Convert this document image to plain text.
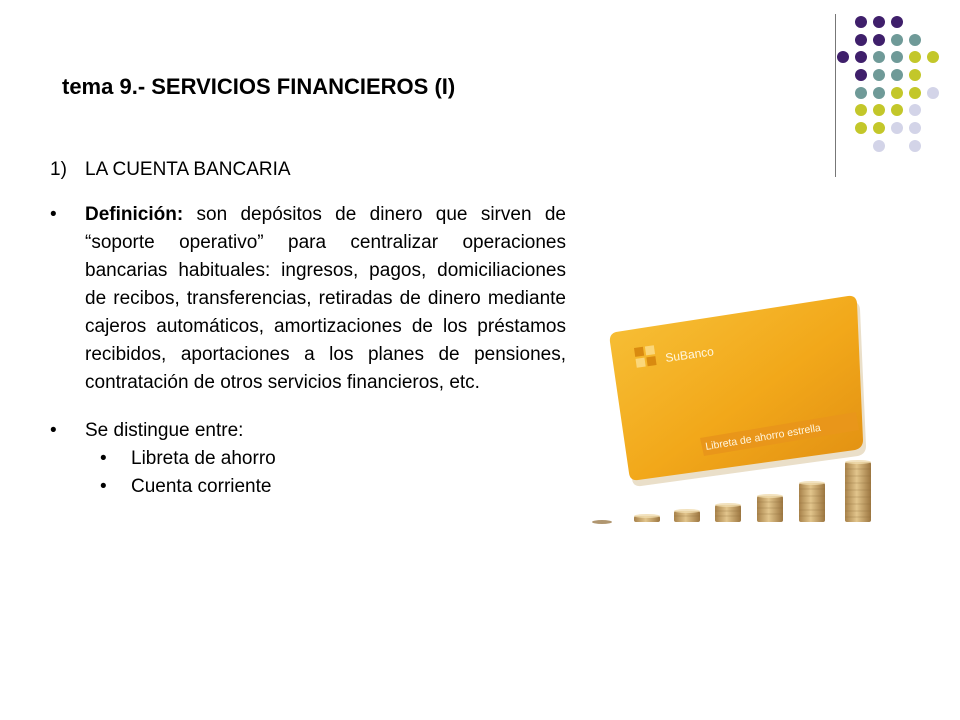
tema 9.- SERVICIOS FINANCIEROS (I)
1) LA CUENTA BANCARIA
•	Definición: son depósitos de dinero que sirven de “soporte operativo” para centralizar operaciones bancarias habituales: ingresos, pagos, domiciliaciones de recibos, transferencias, retiradas de dinero mediante cajeros automáticos, amortizaciones de los préstamos recibidos, aportaciones a los planes de pensiones, contratación de otros servicios financieros, etc.
•	Se distingue entre:
•	Libreta de ahorro
•	Cuenta corriente
SuBanco
Libreta de ahorro estrella
